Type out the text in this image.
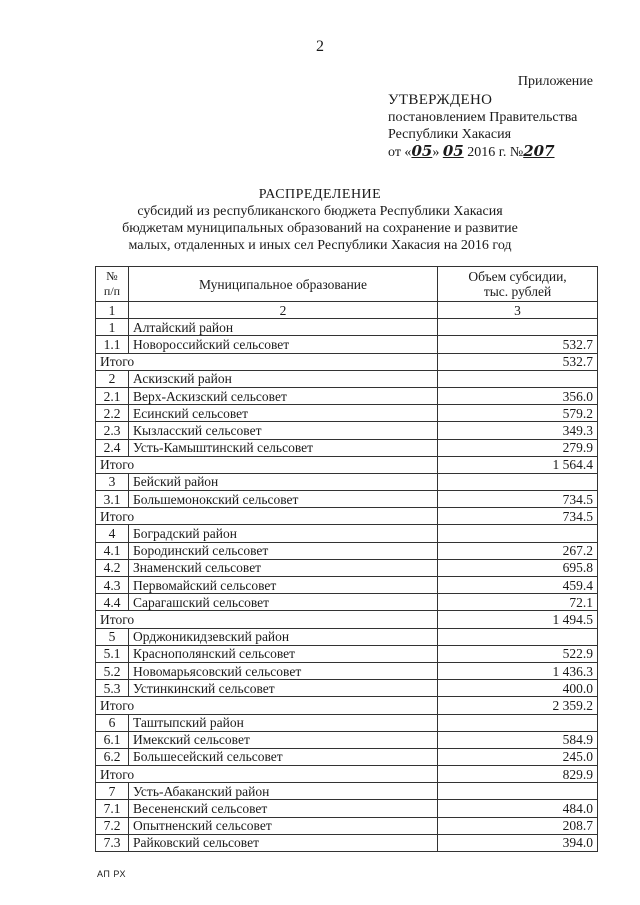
2
Приложение
УТВЕРЖДЕНО
постановлением Правительства
Республики Хакасия
от «05» 05 2016 г. №207
РАСПРЕДЕЛЕНИЕ
субсидий из республиканского бюджета Республики Хакасия
бюджетам муниципальных образований на сохранение и развитие
малых, отдаленных и иных сел Республики Хакасия на 2016 год
№
п/п	Муниципальное образование	Объем субсидии,
тыс. рублей
1	2	3
1	Алтайский район	
1.1	Новороссийский сельсовет	532.7
Итого		532.7
2	Аскизский район	
2.1	Верх-Аскизский сельсовет	356.0
2.2	Есинский сельсовет	579.2
2.3	Кызласский сельсовет	349.3
2.4	Усть-Камыштинский сельсовет	279.9
Итого		1 564.4
3	Бейский район	
3.1	Большемонокский сельсовет	734.5
Итого		734.5
4	Боградский район	
4.1	Бородинский сельсовет	267.2
4.2	Знаменский сельсовет	695.8
4.3	Первомайский сельсовет	459.4
4.4	Сарагашский сельсовет	72.1
Итого		1 494.5
5	Орджоникидзевский район	
5.1	Краснополянский сельсовет	522.9
5.2	Новомарьясовский сельсовет	1 436.3
5.3	Устинкинский сельсовет	400.0
Итого		2 359.2
6	Таштыпский район	
6.1	Имекский сельсовет	584.9
6.2	Большесейский сельсовет	245.0
Итого		829.9
7	Усть-Абаканский район	
7.1	Весененский сельсовет	484.0
7.2	Опытненский сельсовет	208.7
7.3	Райковский сельсовет	394.0
АП РХ
